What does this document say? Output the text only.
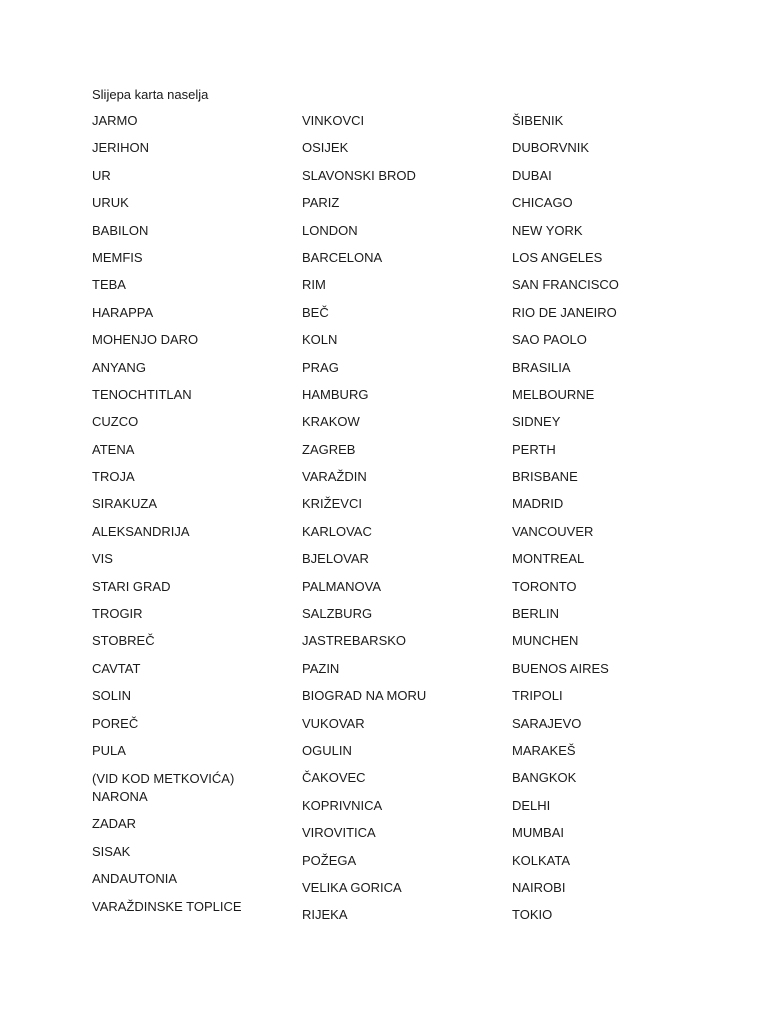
Slijepa karta naselja
JARMO
JERIHON
UR
URUK
BABILON
MEMFIS
TEBA
HARAPPA
MOHENJO DARO
ANYANG
TENOCHTITLAN
CUZCO
ATENA
TROJA
SIRAKUZA
ALEKSANDRIJA
VIS
STARI GRAD
TROGIR
STOBREČ
CAVTAT
SOLIN
POREČ
PULA
(VID KOD METKOVIĆA)
NARONA
ZADAR
SISAK
ANDAUTONIA
VARAŽDINSKE TOPLICE
VINKOVCI
OSIJEK
SLAVONSKI BROD
PARIZ
LONDON
BARCELONA
RIM
BEČ
KOLN
PRAG
HAMBURG
KRAKOW
ZAGREB
VARAŽDIN
KRIŽEVCI
KARLOVAC
BJELOVAR
PALMANOVA
SALZBURG
JASTREBARSKO
PAZIN
BIOGRAD NA MORU
VUKOVAR
OGULIN
ČAKOVEC
KOPRIVNICA
VIROVITICA
POŽEGA
VELIKA GORICA
RIJEKA
ŠIBENIK
DUBORVNIK
DUBAI
CHICAGO
NEW YORK
LOS ANGELES
SAN FRANCISCO
RIO DE JANEIRO
SAO PAOLO
BRASILIA
MELBOURNE
SIDNEY
PERTH
BRISBANE
MADRID
VANCOUVER
MONTREAL
TORONTO
BERLIN
MUNCHEN
BUENOS AIRES
TRIPOLI
SARAJEVO
MARAKEŠ
BANGKOK
DELHI
MUMBAI
KOLKATA
NAIROBI
TOKIO
